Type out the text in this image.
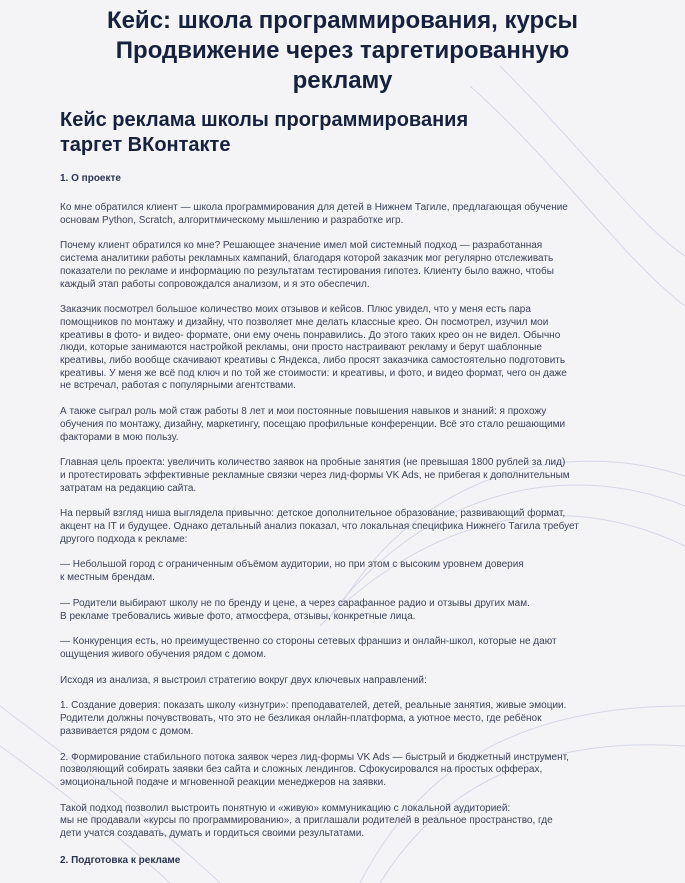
Кейс: школа программирования, курсы Продвижение через таргетированную рекламу
Кейс реклама школы программирования таргет ВКонтакте
1. О проекте

Ко мне обратился клиент — школа программирования для детей в Нижнем Тагиле, предлагающая обучение
основам Python, Scratch, алгоритмическому мышлению и разработке игр.

Почему клиент обратился ко мне? Решающее значение имел мой системный подход — разработанная
система аналитики работы рекламных кампаний, благодаря которой заказчик мог регулярно отслеживать
показатели по рекламе и информацию по результатам тестирования гипотез. Клиенту было важно, чтобы
каждый этап работы сопровождался анализом, и я это обеспечил.

Заказчик посмотрел большое количество моих отзывов и кейсов. Плюс увидел, что у меня есть пара
помощников по монтажу и дизайну, что позволяет мне делать классные крео. Он посмотрел, изучил мои
креативы в фото- и видео- формате, они ему очень понравились. До этого таких крео он не видел. Обычно
люди, которые занимаются настройкой рекламы, они просто настраивают рекламу и берут шаблонные
креативы, либо вообще скачивают креативы с Яндекса, либо просят заказчика самостоятельно подготовить
креативы. У меня же всё под ключ и по той же стоимости: и креативы, и фото, и видео формат, чего он даже
не встречал, работая с популярными агентствами.

А также сыграл роль мой стаж работы 8 лет и мои постоянные повышения навыков и знаний: я прохожу
обучения по монтажу, дизайну, маркетингу, посещаю профильные конференции. Всё это стало решающими
факторами в мою пользу.

Главная цель проекта: увеличить количество заявок на пробные занятия (не превышая 1800 рублей за лид)
и протестировать эффективные рекламные связки через лид-формы VK Ads, не прибегая к дополнительным
затратам на редакцию сайта.

На первый взгляд ниша выглядела привычно: детское дополнительное образование, развивающий формат,
акцент на IT и будущее. Однако детальный анализ показал, что локальная специфика Нижнего Тагила требует
другого подхода к рекламе:

— Небольшой город с ограниченным объёмом аудитории, но при этом с высоким уровнем доверия
к местным брендам.

— Родители выбирают школу не по бренду и цене, а через сарафанное радио и отзывы других мам.
В рекламе требовались живые фото, атмосфера, отзывы, конкретные лица.

— Конкуренция есть, но преимущественно со стороны сетевых франшиз и онлайн-школ, которые не дают
ощущения живого обучения рядом с домом.

Исходя из анализа, я выстроил стратегию вокруг двух ключевых направлений:

1. Создание доверия: показать школу «изнутри»: преподавателей, детей, реальные занятия, живые эмоции.
Родители должны почувствовать, что это не безликая онлайн-платформа, а уютное место, где ребёнок
развивается рядом с домом.

2. Формирование стабильного потока заявок через лид-формы VK Ads — быстрый и бюджетный инструмент,
позволяющий собирать заявки без сайта и сложных лендингов. Сфокусировался на простых офферах,
эмоциональной подаче и мгновенной реакции менеджеров на заявки.

Такой подход позволил выстроить понятную и «живую» коммуникацию с локальной аудиторией:
мы не продавали «курсы по программированию», а приглашали родителей в реальное пространство, где
дети учатся создавать, думать и гордиться своими результатами.

2. Подготовка к рекламе
